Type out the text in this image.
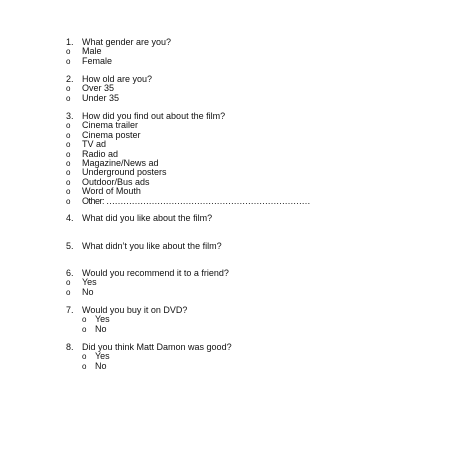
1. What gender are you?
o	Male
o	Female
2. How old are you?
o	Over 35
o	Under 35
3. How did you find out about the film?
o	Cinema trailer
o	Cinema poster
o	TV ad
o	Radio ad
o	Magazine/News ad
o	Underground posters
o	Outdoor/Bus ads
o	Word of Mouth
o	Other: ………………………………………………………………
4. What did you like about the film?
5. What didn’t you like about the film?
6. Would you recommend it to a friend?
o	Yes
o	No
7. Would you buy it on DVD?
o Yes
o No
8. Did you think Matt Damon was good?
o Yes
o No
